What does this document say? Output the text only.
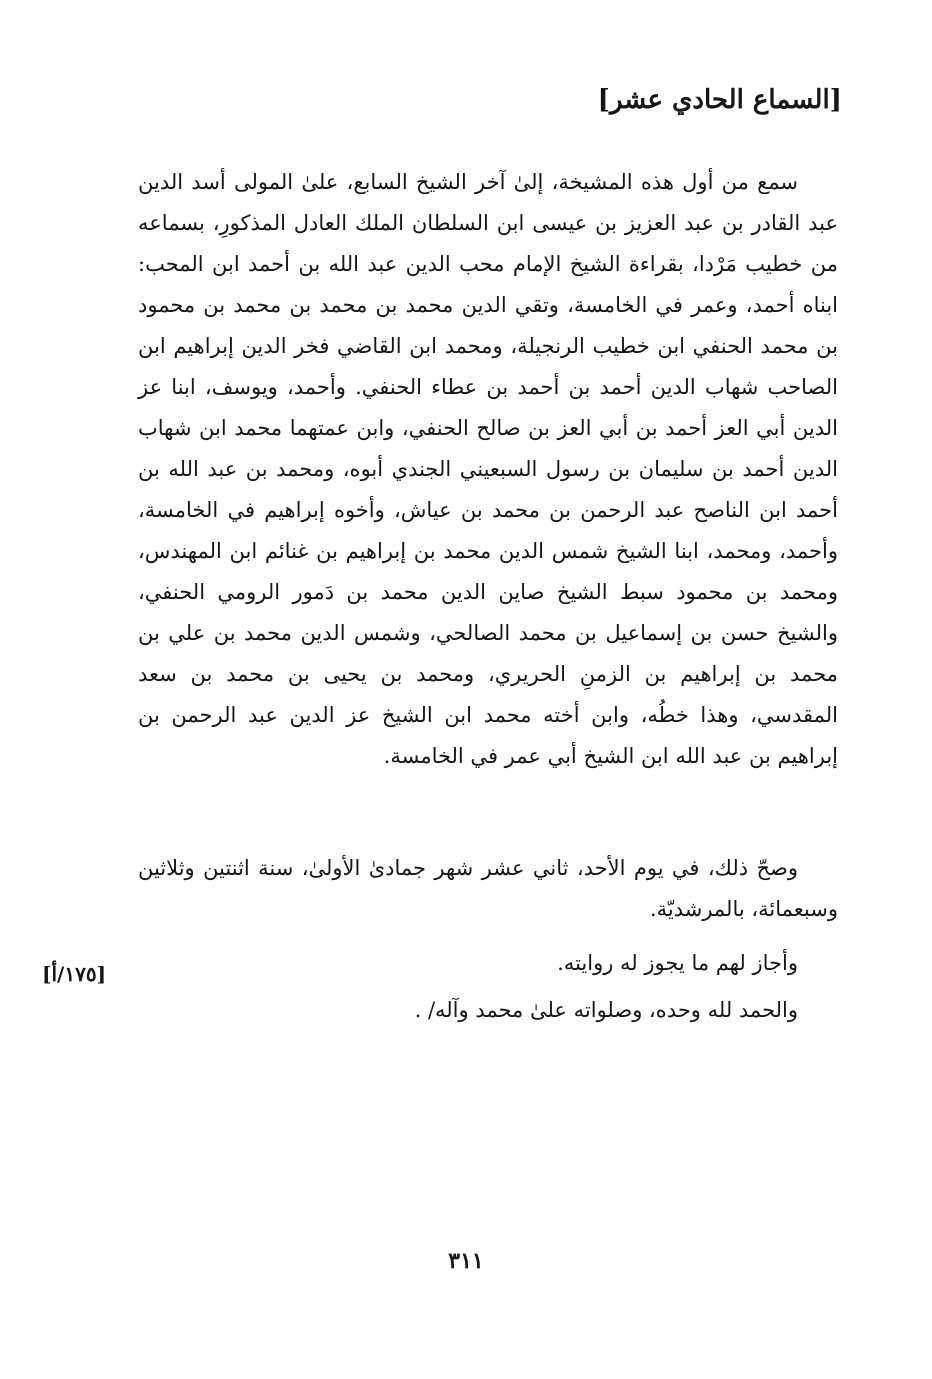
[السماع الحادي عشر]

سمع من أول هذه المشيخة، إلىٰ آخر الشيخ السابع، علىٰ المولى أسد الدين عبد القادر بن عبد العزيز بن عيسى ابن السلطان الملك العادل المذكورِ، بسماعه من خطيب مَرْدا، بقراءة الشيخ الإمام محب الدين عبد الله بن أحمد ابن المحب: ابناه أحمد، وعمر في الخامسة، وتقي الدين محمد بن محمد بن محمد بن محمود بن محمد الحنفي ابن خطيب الرنجيلة، ومحمد ابن القاضي فخر الدين إبراهيم ابن الصاحب شهاب الدين أحمد بن أحمد بن عطاء الحنفي. وأحمد، ويوسف، ابنا عز الدين أبي العز أحمد بن أبي العز بن صالح الحنفي، وابن عمتهما محمد ابن شهاب الدين أحمد بن سليمان بن رسول السبعيني الجندي أبوه، ومحمد بن عبد الله بن أحمد ابن الناصح عبد الرحمن بن محمد بن عياش، وأخوه إبراهيم في الخامسة، وأحمد، ومحمد، ابنا الشيخ شمس الدين محمد بن إبراهيم بن غنائم ابن المهندس، ومحمد بن محمود سبط الشيخ صاين الدين محمد بن دَمور الرومي الحنفي، والشيخ حسن بن إسماعيل بن محمد الصالحي، وشمس الدين محمد بن علي بن محمد بن إبراهيم بن الزمنِ الحريري، ومحمد بن يحيى بن محمد بن سعد المقدسي، وهذا خطُه، وابن أخته محمد ابن الشيخ عز الدين عبد الرحمن بن إبراهيم بن عبد الله ابن الشيخ أبي عمر في الخامسة.

وصحّ ذلك، في يوم الأحد، ثاني عشر شهر جمادىٰ الأولىٰ، سنة اثنتين وثلاثين وسبعمائة، بالمرشديّة.

وأجاز لهم ما يجوز له روايته.

والحمد لله وحده، وصلواته علىٰ محمد وآله/ .

[١٧٥/أ]
٣١١
